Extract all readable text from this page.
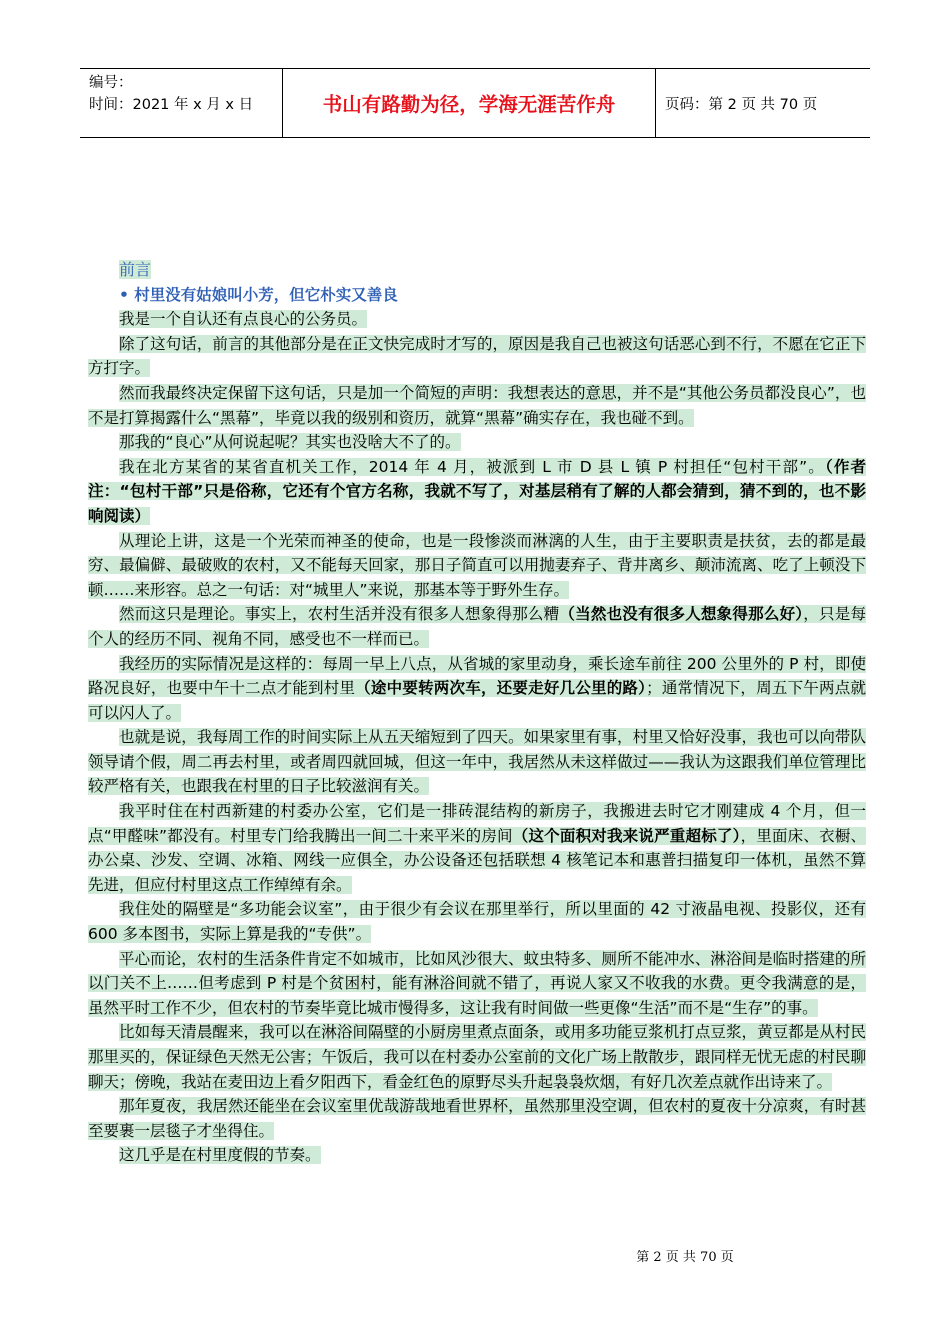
编号：
时间：2021 年 x 月 x 日	书山有路勤为径，学海无涯苦作舟	页码：第 2 页 共 70 页

前言

• 村里没有姑娘叫小芳，但它朴实又善良

我是一个自认还有点良心的公务员。

除了这句话，前言的其他部分是在正文快完成时才写的，原因是我自己也被这句话恶心到不行，不愿在它正下方打字。

然而我最终决定保留下这句话，只是加一个简短的声明：我想表达的意思，并不是“其他公务员都没良心”，也不是打算揭露什么“黑幕”，毕竟以我的级别和资历，就算“黑幕”确实存在，我也碰不到。

那我的“良心”从何说起呢？其实也没啥大不了的。

我在北方某省的某省直机关工作，2014 年 4 月，被派到 L 市 D 县 L 镇 P 村担任“包村干部”。（作者注：“包村干部”只是俗称，它还有个官方名称，我就不写了，对基层稍有了解的人都会猜到，猜不到的，也不影响阅读）

从理论上讲，这是一个光荣而神圣的使命，也是一段惨淡而淋漓的人生，由于主要职责是扶贫，去的都是最穷、最偏僻、最破败的农村，又不能每天回家，那日子简直可以用抛妻弃子、背井离乡、颠沛流离、吃了上顿没下顿……来形容。总之一句话：对“城里人”来说，那基本等于野外生存。

然而这只是理论。事实上，农村生活并没有很多人想象得那么糟（当然也没有很多人想象得那么好），只是每个人的经历不同、视角不同，感受也不一样而已。

我经历的实际情况是这样的：每周一早上八点，从省城的家里动身，乘长途车前往 200 公里外的 P 村，即使路况良好，也要中午十二点才能到村里（途中要转两次车，还要走好几公里的路）；通常情况下，周五下午两点就可以闪人了。

也就是说，我每周工作的时间实际上从五天缩短到了四天。如果家里有事，村里又恰好没事，我也可以向带队领导请个假，周二再去村里，或者周四就回城，但这一年中，我居然从未这样做过——我认为这跟我们单位管理比较严格有关，也跟我在村里的日子比较滋润有关。

我平时住在村西新建的村委办公室，它们是一排砖混结构的新房子，我搬进去时它才刚建成 4 个月，但一点“甲醛味”都没有。村里专门给我腾出一间二十来平米的房间（这个面积对我来说严重超标了），里面床、衣橱、办公桌、沙发、空调、冰箱、网线一应俱全，办公设备还包括联想 4 核笔记本和惠普扫描复印一体机，虽然不算先进，但应付村里这点工作绰绰有余。

我住处的隔壁是“多功能会议室”，由于很少有会议在那里举行，所以里面的 42 寸液晶电视、投影仪，还有 600 多本图书，实际上算是我的“专供”。

平心而论，农村的生活条件肯定不如城市，比如风沙很大、蚊虫特多、厕所不能冲水、淋浴间是临时搭建的所以门关不上……但考虑到 P 村是个贫困村，能有淋浴间就不错了，再说人家又不收我的水费。更令我满意的是，虽然平时工作不少，但农村的节奏毕竟比城市慢得多，这让我有时间做一些更像“生活”而不是“生存”的事。

比如每天清晨醒来，我可以在淋浴间隔壁的小厨房里煮点面条，或用多功能豆浆机打点豆浆，黄豆都是从村民那里买的，保证绿色天然无公害；午饭后，我可以在村委办公室前的文化广场上散散步，跟同样无忧无虑的村民聊聊天；傍晚，我站在麦田边上看夕阳西下，看金红色的原野尽头升起袅袅炊烟，有好几次差点就作出诗来了。

那年夏夜，我居然还能坐在会议室里优哉游哉地看世界杯，虽然那里没空调，但农村的夏夜十分凉爽，有时甚至要裹一层毯子才坐得住。

这几乎是在村里度假的节奏。

第 2 页 共 70 页
